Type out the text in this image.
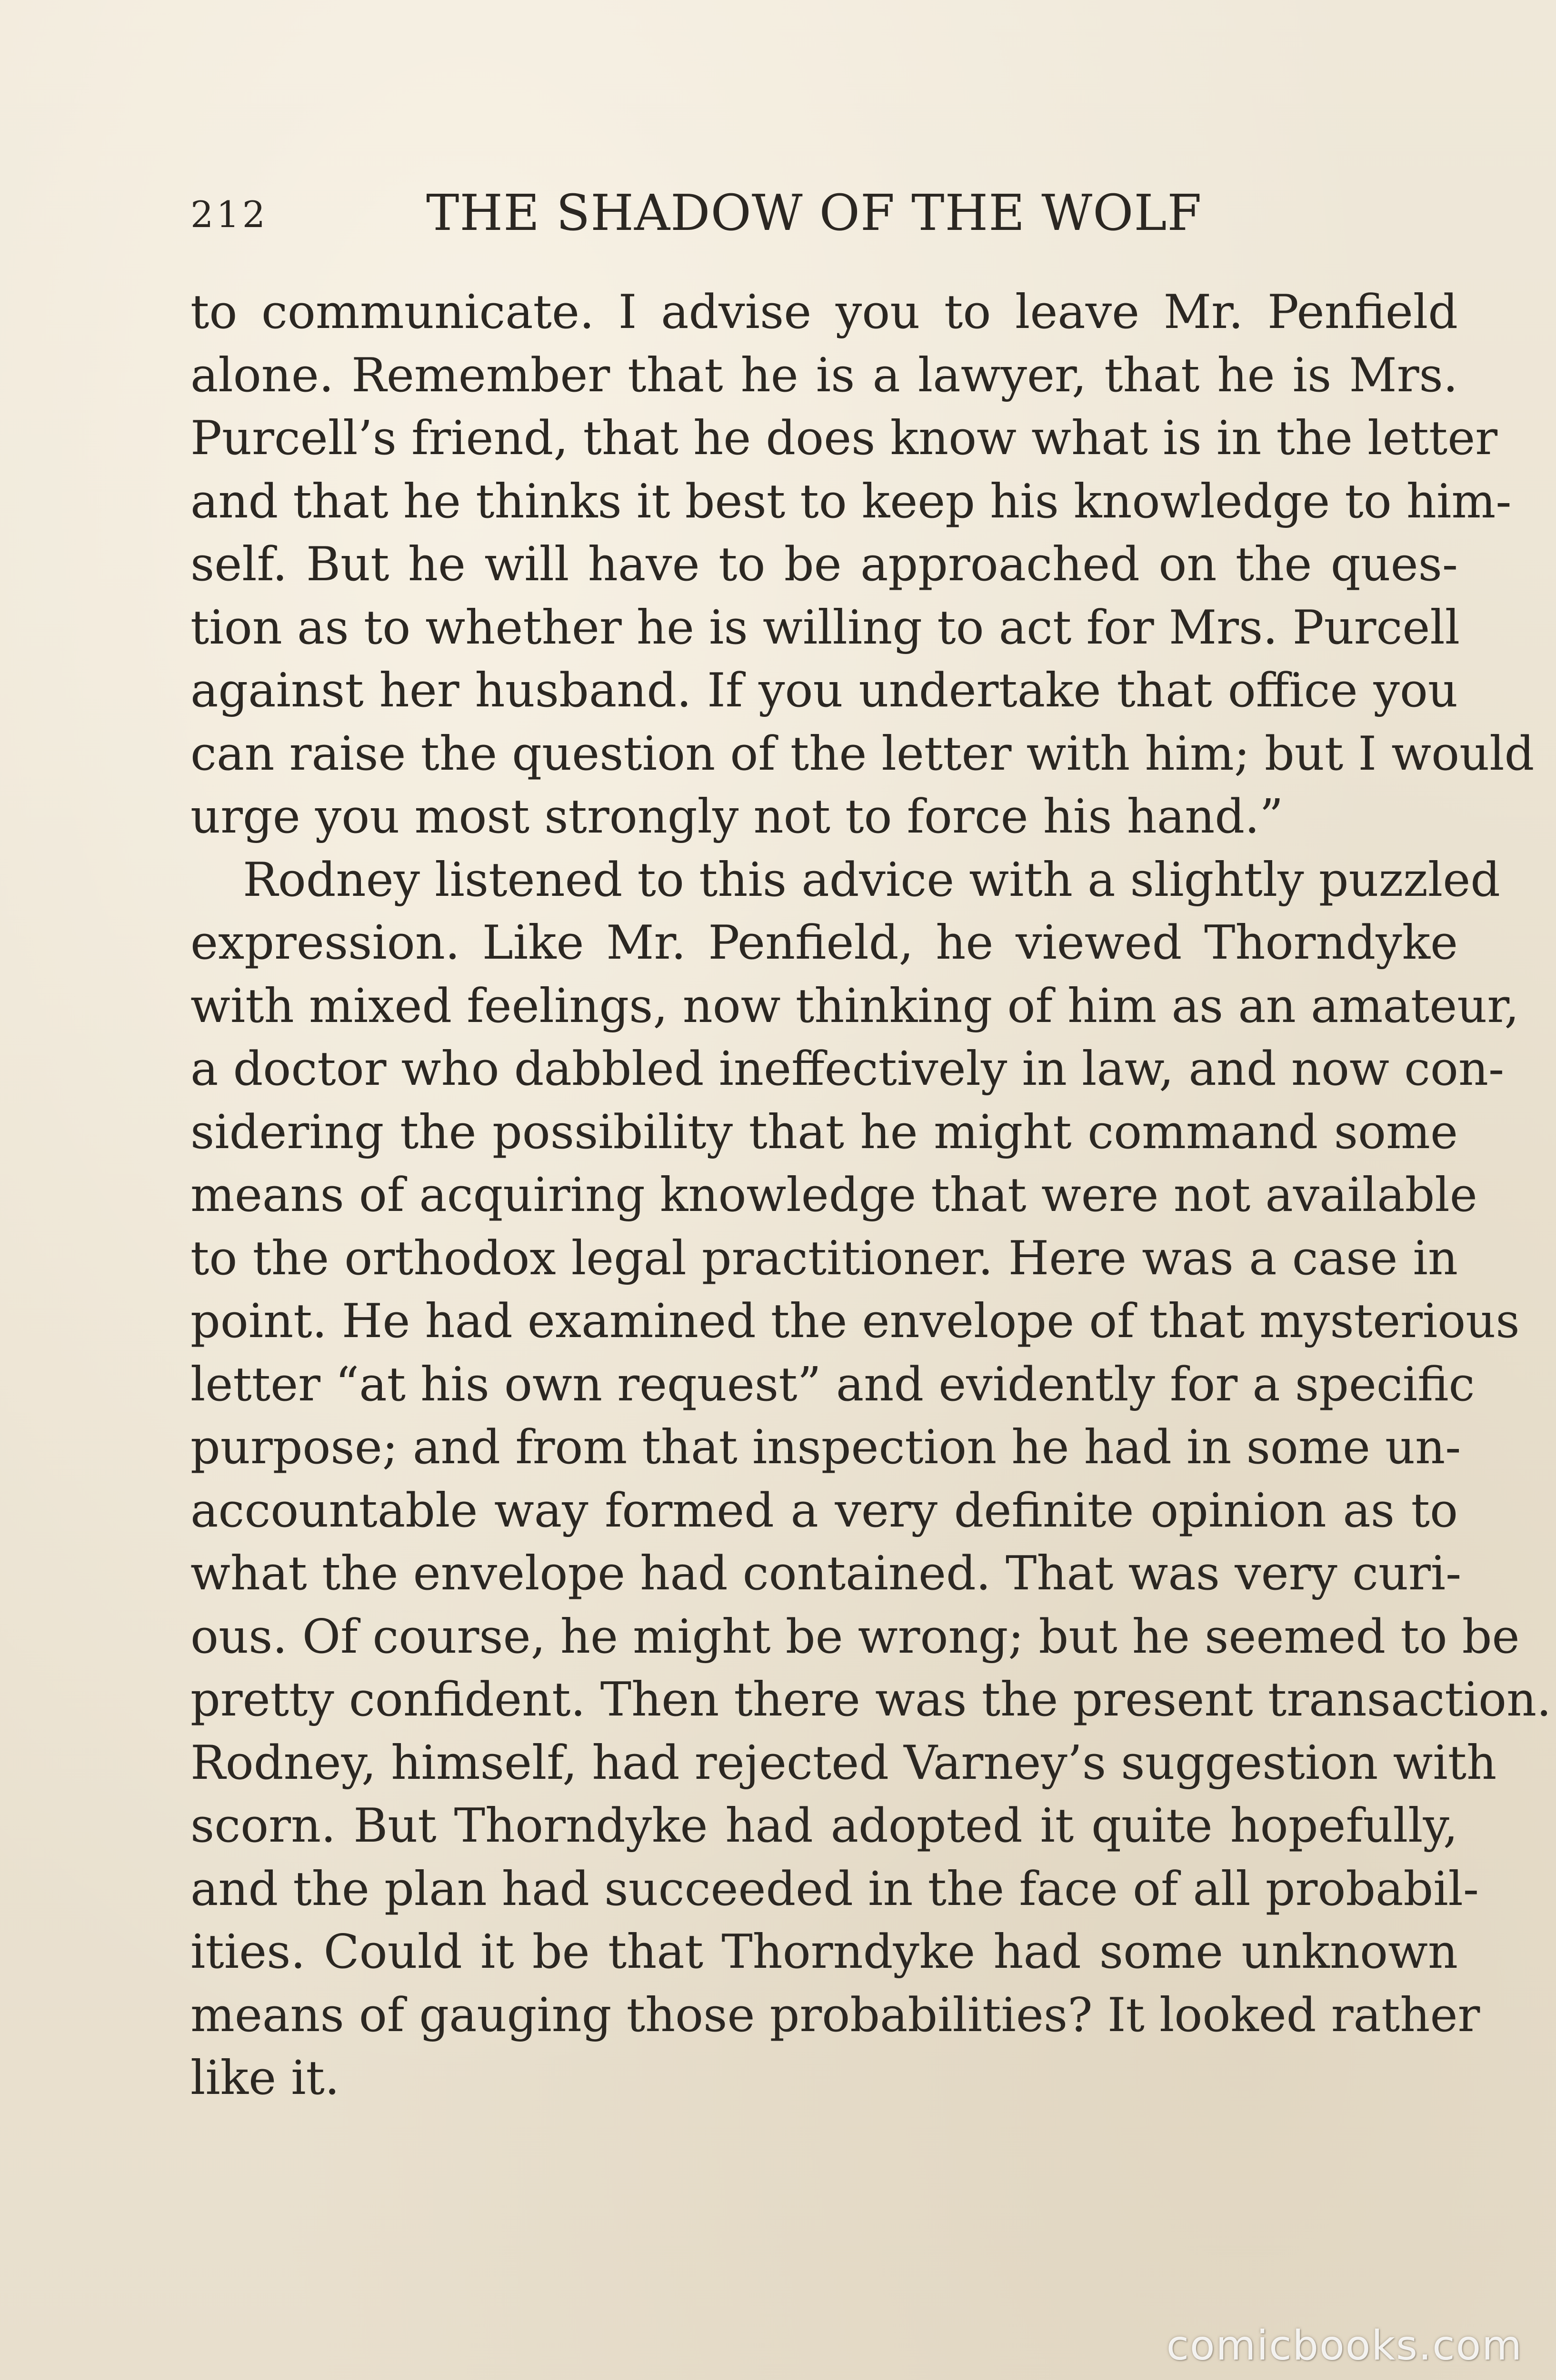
212	THE SHADOW OF THE WOLF
to communicate. I advise you to leave Mr. Penfield
alone. Remember that he is a lawyer, that he is Mrs.
Purcell’s friend, that he does know what is in the letter
and that he thinks it best to keep his knowledge to him-
self. But he will have to be approached on the ques-
tion as to whether he is willing to act for Mrs. Purcell
against her husband. If you undertake that office you
can raise the question of the letter with him; but I would
urge you most strongly not to force his hand.”
Rodney listened to this advice with a slightly puzzled
expression. Like Mr. Penfield, he viewed Thorndyke
with mixed feelings, now thinking of him as an amateur,
a doctor who dabbled ineffectively in law, and now con-
sidering the possibility that he might command some
means of acquiring knowledge that were not available
to the orthodox legal practitioner. Here was a case in
point. He had examined the envelope of that mysterious
letter “at his own request” and evidently for a specific
purpose; and from that inspection he had in some un-
accountable way formed a very definite opinion as to
what the envelope had contained. That was very curi-
ous. Of course, he might be wrong; but he seemed to be
pretty confident. Then there was the present transaction.
Rodney, himself, had rejected Varney’s suggestion with
scorn. But Thorndyke had adopted it quite hopefully,
and the plan had succeeded in the face of all probabil-
ities. Could it be that Thorndyke had some unknown
means of gauging those probabilities? It looked rather
like it.
comicbooks.com
